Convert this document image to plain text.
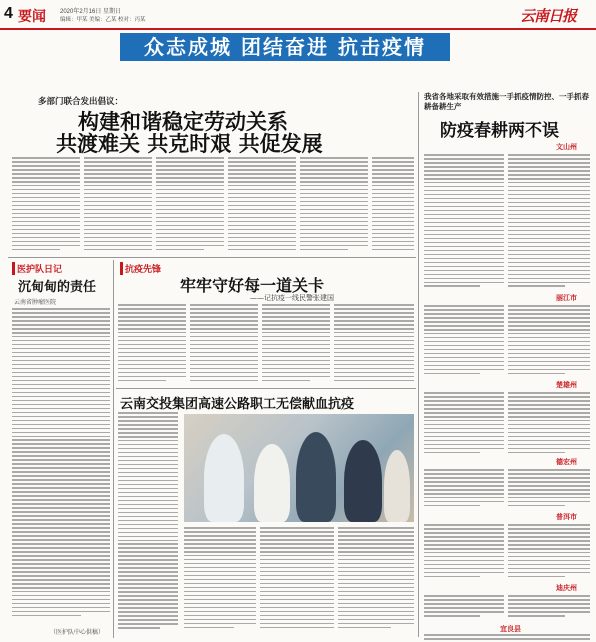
4 要闻 2020年2月16日 星期日
编辑：甲某 美编：乙某 校对：丙某	云南日报
众志成城 团结奋进 抗击疫情
多部门联合发出倡议：
构建和谐稳定劳动关系
共渡难关 共克时艰 共促发展
医护队日记
沉甸甸的责任
云南省肿瘤医院
（医护队中心供稿）
抗疫先锋
牢牢守好每一道关卡
——记抗疫一线民警张建国
云南交投集团高速公路职工无偿献血抗疫
我省各地采取有效措施一手抓疫情防控、一手抓春耕备耕生产
防疫春耕两不误
文山州
丽江市
楚雄州
德宏州
普洱市
迪庆州
宜良县
